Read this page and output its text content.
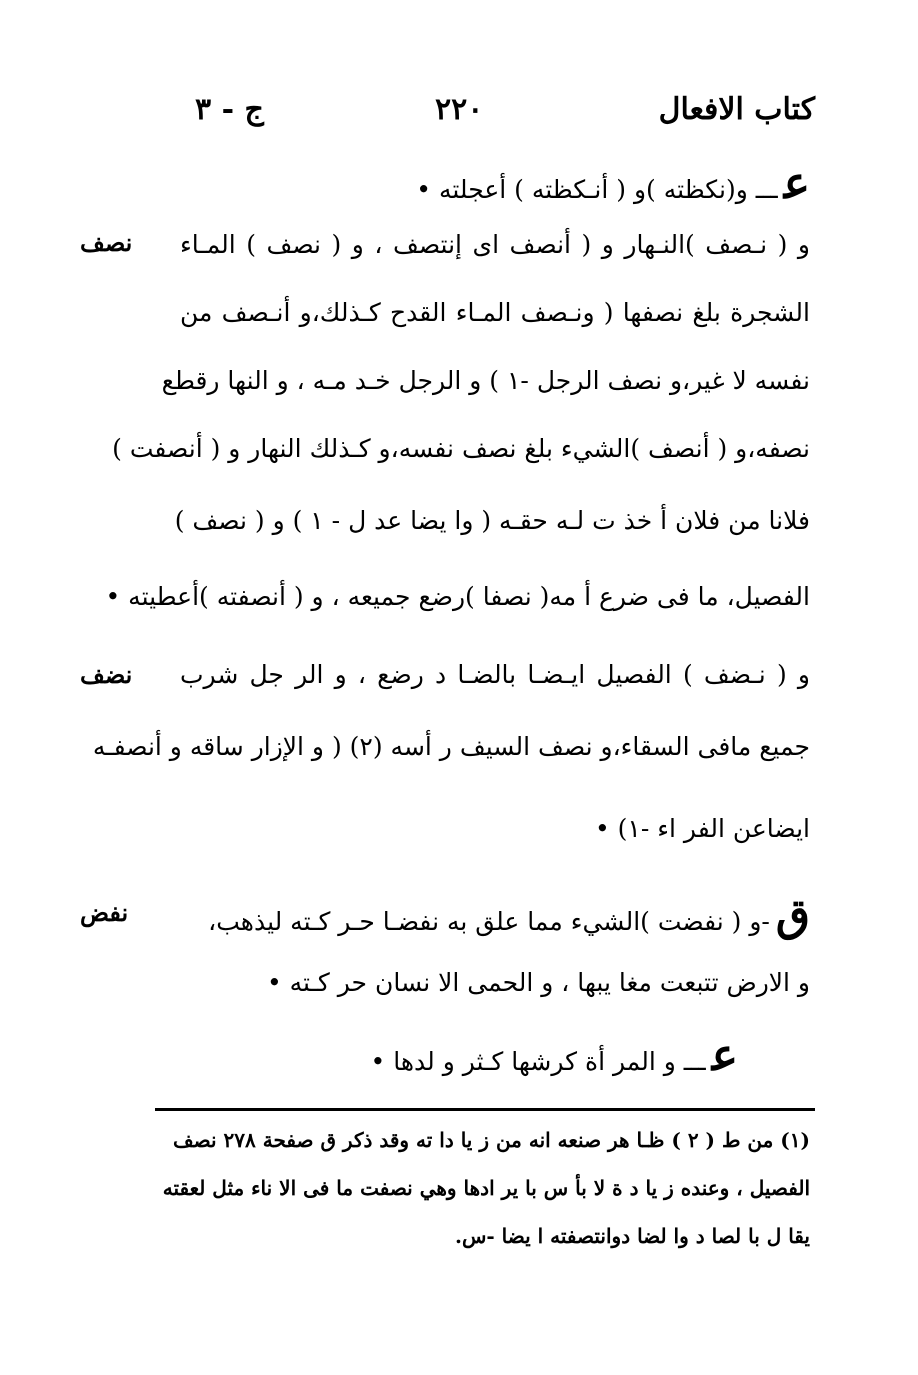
كتاب الافعال
٢٢٠
ج - ٣
عـــ و(نكظته )و ( أنـكظته ) أعجلته •
و ( نـصف )النـهار و ( أنصف اى إنتصف ، و ( نصف ) المـاء
الشجرة بلغ نصفها ( ونـصف المـاء القدح كـذلك،و أنـصف من
نفسه لا غير،و نصف الرجل -١ ) و الرجل خـد مـه ، و النها رقطع
نصفه،و ( أنصف )الشيء بلغ نصف نفسه،و كـذلك النهار و ( أنصفت )
فلانا من فلان أ خذ ت لـه حقـه ( وا يضا عد ل - ١ ) و ( نصف )
الفصيل، ما فى ضرع أ مه( نصفا )رضع جميعه ، و ( أنصفته )أعطيته •
و ( نـضف ) الفصيل ايـضـا بالضـا د رضع ، و الر جل شرب
جميع مافى السقاء،و نصف السيف ر أسه (٢) ( و الإزار ساقه و أنصفـه
ايضاعن الفر اء -١) •
ق-و ( نفضت )الشيء مما علق به نفضـا حـر كـته ليذهب،
و الارض تتبعت مغا يبها ، و الحمى الا نسان حر كـته •
عـــ و المر أة كرشها كـثر و لدها •
نصف
نضف
نفض
(١) من ط ( ٢ ) ظـا هر صنعه انه من ز يا دا ته وقد ذكر ق صفحة ٢٧٨ نصف
الفصيل ، وعنده ز يا د ة لا بأ س با ير ادها وهي نصفت ما فى الا ناء مثل لعقته
يقا ل با لصا د وا لضا دوانتصفته ا يضا -س.
